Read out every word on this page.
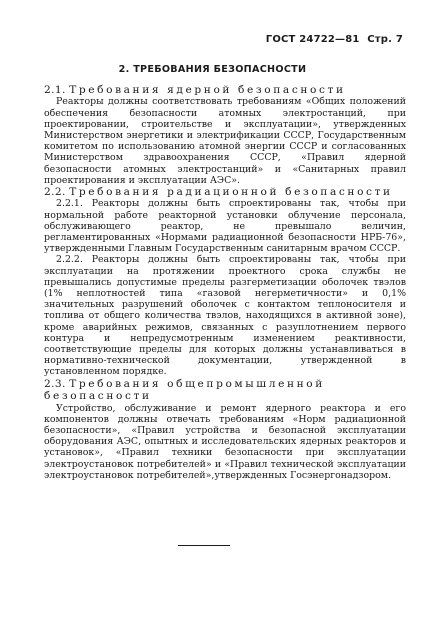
ГОСТ 24722—81 Стр. 7
2. ТРЕБОВАНИЯ БЕЗОПАСНОСТИ

2.1. Требования ядерной безопасности

Реакторы должны соответствовать требованиям «Общих положений обеспечения безопасности атомных электростанций, при проектировании, строительстве и эксплуатации», утвержденных Министерством энергетики и электрификации СССР, Государственным комитетом по использованию атомной энергии СССР и согласованных Министерством здравоохранения СССР, «Правил ядерной безопасности атомных электростанций» и «Санитарных правил проектирования и эксплуатации АЭС».

2.2. Требования радиационной безопасности

2.2.1. Реакторы должны быть спроектированы так, чтобы при нормальной работе реакторной установки облучение персонала, обслуживающего реактор, не превышало величин, регламентированных «Нормами радиационной безопасности НРБ-76», утвержденными Главным Государственным санитарным врачом СССР.

2.2.2. Реакторы должны быть спроектированы так, чтобы при эксплуатации на протяжении проектного срока службы не превышались допустимые пределы разгерметизации оболочек твэлов (1% неплотностей типа «газовой негерметичности» и 0,1% значительных разрушений оболочек с контактом теплоносителя и топлива от общего количества твэлов, находящихся в активной зоне), кроме аварийных режимов, связанных с разуплотнением первого контура и непредусмотренным изменением реактивности, соответствующие пределы для которых должны устанавливаться в нормативно-технической документации, утвержденной в установленном порядке.

2.3. Требования общепромышленной безопасности

Устройство, обслуживание и ремонт ядерного реактора и его компонентов должны отвечать требованиям «Норм радиационной безопасности», «Правил устройства и безопасной эксплуатации оборудования АЭС, опытных и исследовательских ядерных реакторов и установок», «Правил техники безопасности при эксплуатации электроустановок потребителей» и «Правил технической эксплуатации электроустановок потребителей»,утвержденных Госэнергонадзором.
